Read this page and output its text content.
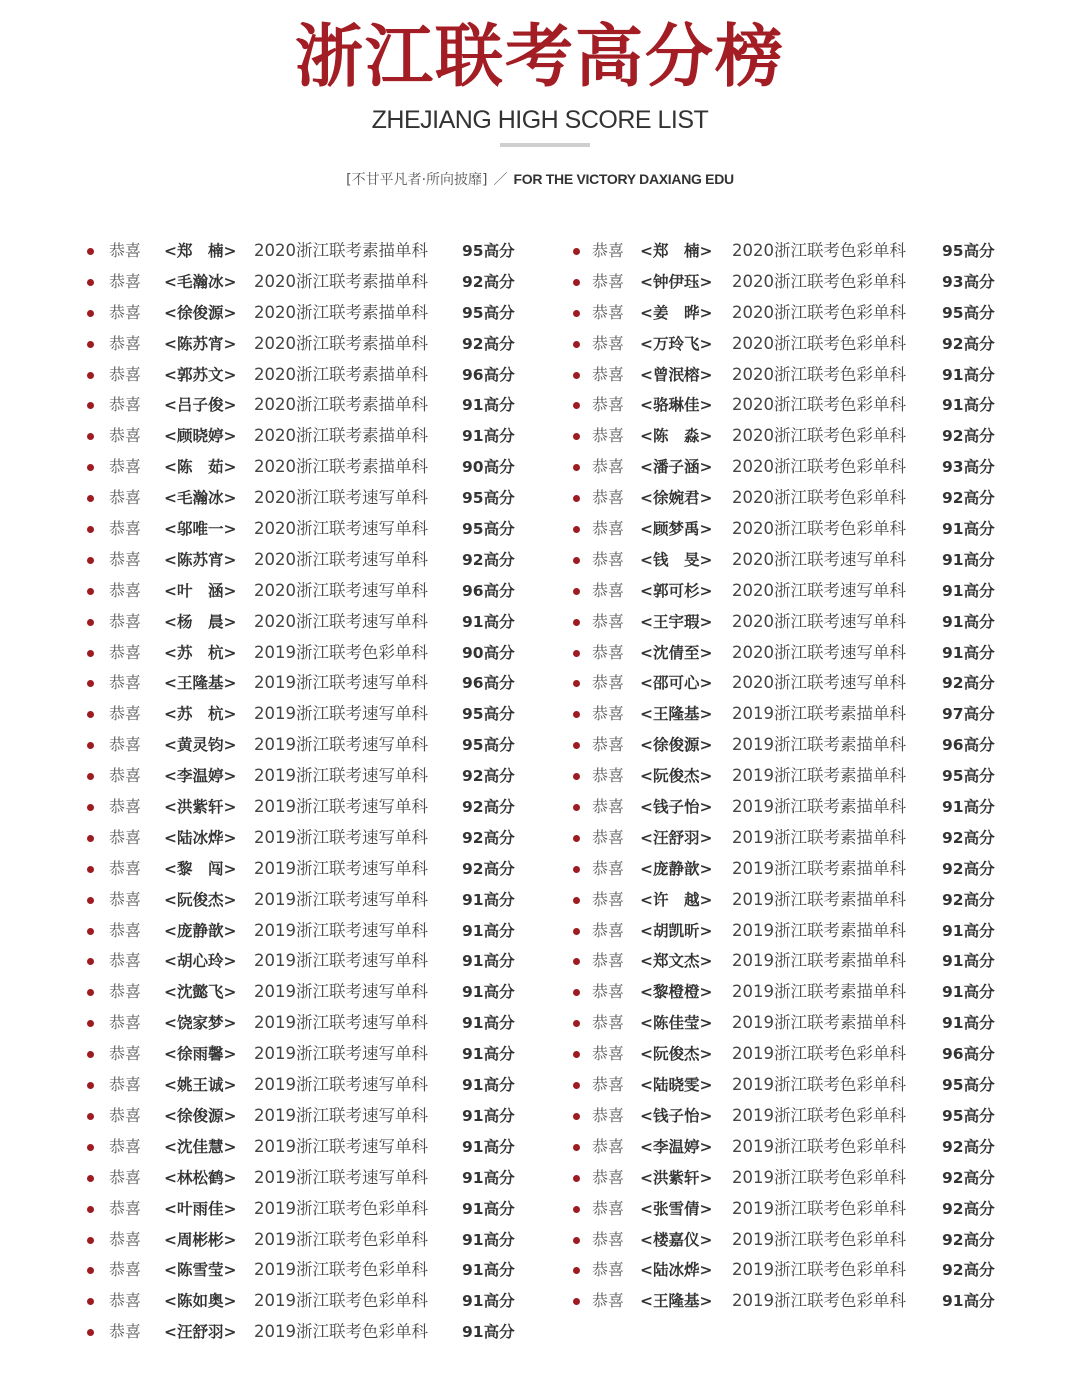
浙江联考高分榜
ZHEJIANG HIGH SCORE LIST
[不甘平凡者·所向披靡] ／ FOR THE VICTORY DAXIANG EDU
恭喜 <郑　楠> 2020浙江联考素描单科 95高分
恭喜 <毛瀚冰> 2020浙江联考素描单科 92高分
恭喜 <徐俊源> 2020浙江联考素描单科 95高分
恭喜 <陈苏宵> 2020浙江联考素描单科 92高分
恭喜 <郭苏文> 2020浙江联考素描单科 96高分
恭喜 <吕子俊> 2020浙江联考素描单科 91高分
恭喜 <顾晓婷> 2020浙江联考素描单科 91高分
恭喜 <陈　茹> 2020浙江联考素描单科 90高分
恭喜 <毛瀚冰> 2020浙江联考速写单科 95高分
恭喜 <邬唯一> 2020浙江联考速写单科 95高分
恭喜 <陈苏宵> 2020浙江联考速写单科 92高分
恭喜 <叶　涵> 2020浙江联考速写单科 96高分
恭喜 <杨　晨> 2020浙江联考速写单科 91高分
恭喜 <苏　杭> 2019浙江联考色彩单科 90高分
恭喜 <王隆基> 2019浙江联考速写单科 96高分
恭喜 <苏　杭> 2019浙江联考速写单科 95高分
恭喜 <黄灵钧> 2019浙江联考速写单科 95高分
恭喜 <李温婷> 2019浙江联考速写单科 92高分
恭喜 <洪紫轩> 2019浙江联考速写单科 92高分
恭喜 <陆冰烨> 2019浙江联考速写单科 92高分
恭喜 <黎　闯> 2019浙江联考速写单科 92高分
恭喜 <阮俊杰> 2019浙江联考速写单科 91高分
恭喜 <庞静歆> 2019浙江联考速写单科 91高分
恭喜 <胡心玲> 2019浙江联考速写单科 91高分
恭喜 <沈懿飞> 2019浙江联考速写单科 91高分
恭喜 <饶家梦> 2019浙江联考速写单科 91高分
恭喜 <徐雨馨> 2019浙江联考速写单科 91高分
恭喜 <姚王诚> 2019浙江联考速写单科 91高分
恭喜 <徐俊源> 2019浙江联考速写单科 91高分
恭喜 <沈佳慧> 2019浙江联考速写单科 91高分
恭喜 <林松鹤> 2019浙江联考速写单科 91高分
恭喜 <叶雨佳> 2019浙江联考色彩单科 91高分
恭喜 <周彬彬> 2019浙江联考色彩单科 91高分
恭喜 <陈雪莹> 2019浙江联考色彩单科 91高分
恭喜 <陈如奥> 2019浙江联考色彩单科 91高分
恭喜 <汪舒羽> 2019浙江联考色彩单科 91高分
恭喜 <郑　楠> 2020浙江联考色彩单科 95高分
恭喜 <钟伊珏> 2020浙江联考色彩单科 93高分
恭喜 <姜　晔> 2020浙江联考色彩单科 95高分
恭喜 <万玲飞> 2020浙江联考色彩单科 92高分
恭喜 <曾泯榕> 2020浙江联考色彩单科 91高分
恭喜 <骆琳佳> 2020浙江联考色彩单科 91高分
恭喜 <陈　淼> 2020浙江联考色彩单科 92高分
恭喜 <潘子涵> 2020浙江联考色彩单科 93高分
恭喜 <徐婉君> 2020浙江联考色彩单科 92高分
恭喜 <顾梦禹> 2020浙江联考色彩单科 91高分
恭喜 <钱　旻> 2020浙江联考速写单科 91高分
恭喜 <郭可杉> 2020浙江联考速写单科 91高分
恭喜 <王宇瑕> 2020浙江联考速写单科 91高分
恭喜 <沈倩至> 2020浙江联考速写单科 91高分
恭喜 <邵可心> 2020浙江联考速写单科 92高分
恭喜 <王隆基> 2019浙江联考素描单科 97高分
恭喜 <徐俊源> 2019浙江联考素描单科 96高分
恭喜 <阮俊杰> 2019浙江联考素描单科 95高分
恭喜 <钱子怡> 2019浙江联考素描单科 91高分
恭喜 <汪舒羽> 2019浙江联考素描单科 92高分
恭喜 <庞静歆> 2019浙江联考素描单科 92高分
恭喜 <许　越> 2019浙江联考素描单科 92高分
恭喜 <胡凯昕> 2019浙江联考素描单科 91高分
恭喜 <郑文杰> 2019浙江联考素描单科 91高分
恭喜 <黎橙橙> 2019浙江联考素描单科 91高分
恭喜 <陈佳莹> 2019浙江联考素描单科 91高分
恭喜 <阮俊杰> 2019浙江联考色彩单科 96高分
恭喜 <陆晓雯> 2019浙江联考色彩单科 95高分
恭喜 <钱子怡> 2019浙江联考色彩单科 95高分
恭喜 <李温婷> 2019浙江联考色彩单科 92高分
恭喜 <洪紫轩> 2019浙江联考色彩单科 92高分
恭喜 <张雪倩> 2019浙江联考色彩单科 92高分
恭喜 <楼嘉仪> 2019浙江联考色彩单科 92高分
恭喜 <陆冰烨> 2019浙江联考色彩单科 92高分
恭喜 <王隆基> 2019浙江联考色彩单科 91高分
